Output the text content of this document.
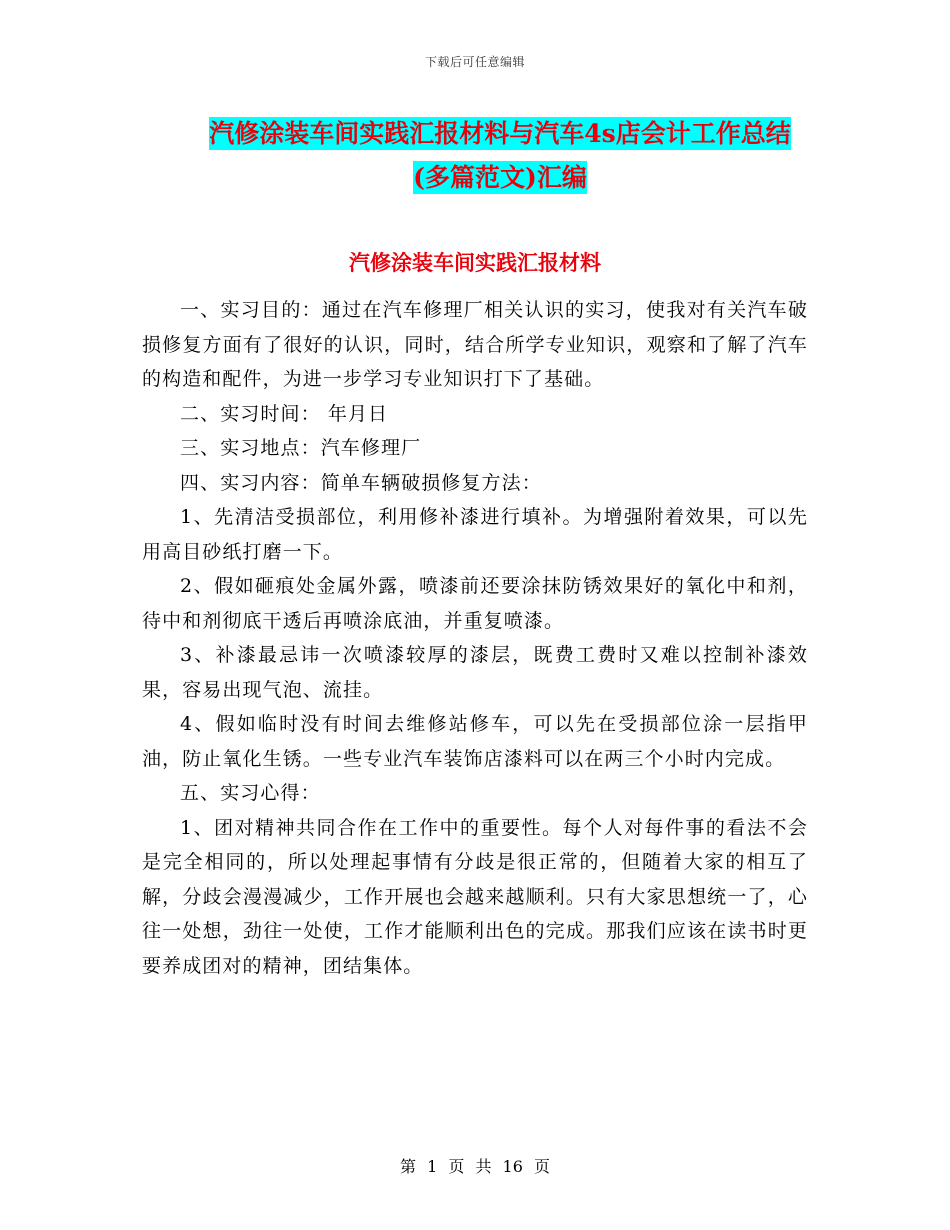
下载后可任意编辑
汽修涂装车间实践汇报材料与汽车4s店会计工作总结
(多篇范文)汇编
汽修涂装车间实践汇报材料

一、实习目的：通过在汽车修理厂相关认识的实习，使我对有关汽车破损修复方面有了很好的认识，同时，结合所学专业知识，观察和了解了汽车的构造和配件，为进一步学习专业知识打下了基础。

二、实习时间： 年月日

三、实习地点：汽车修理厂

四、实习内容：简单车辆破损修复方法：

1、先清洁受损部位，利用修补漆进行填补。为增强附着效果，可以先用高目砂纸打磨一下。

2、假如砸痕处金属外露，喷漆前还要涂抹防锈效果好的氧化中和剂，待中和剂彻底干透后再喷涂底油，并重复喷漆。

3、补漆最忌讳一次喷漆较厚的漆层，既费工费时又难以控制补漆效果，容易出现气泡、流挂。

4、假如临时没有时间去维修站修车，可以先在受损部位涂一层指甲油，防止氧化生锈。一些专业汽车装饰店漆料可以在两三个小时内完成。

五、实习心得：

1、团对精神共同合作在工作中的重要性。每个人对每件事的看法不会是完全相同的，所以处理起事情有分歧是很正常的，但随着大家的相互了解，分歧会漫漫减少，工作开展也会越来越顺利。只有大家思想统一了，心往一处想，劲往一处使，工作才能顺利出色的完成。那我们应该在读书时更要养成团对的精神，团结集体。

第 1 页 共 16 页
